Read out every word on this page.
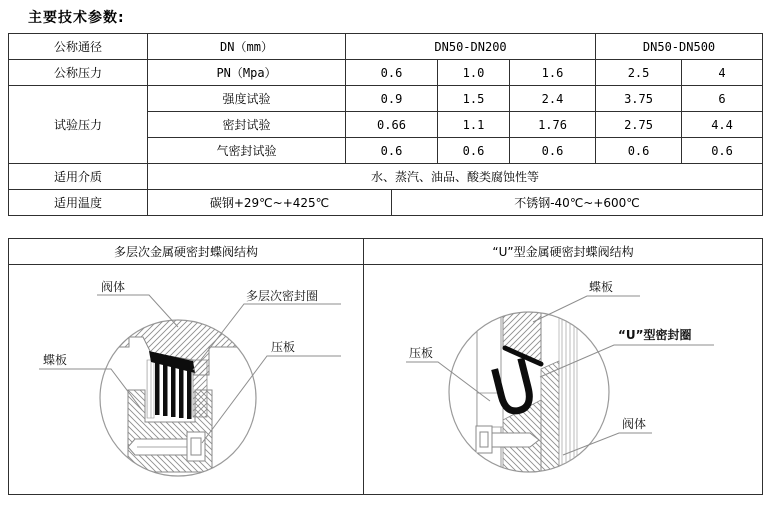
主要技术参数:
公称通径	DN（mm）	DN50-DN200			DN50-DN500	
公称压力	PN（Mpa）	0.6	1.0	1.6	2.5	4
试验压力	强度试验	0.9	1.5	2.4	3.75	6
	密封试验	0.66	1.1	1.76	2.75	4.4
	气密封试验	0.6	0.6	0.6	0.6	0.6
适用介质	水、蒸汽、油品、酸类腐蚀性等					
适用温度	碳钢+29℃~+425℃ 不锈钢-40℃~+600℃					
多层次金属硬密封蝶阀结构	“U”型金属硬密封蝶阀结构
阀体
多层次密封圈
蝶板
压板
蝶板
“U”型密封圈
压板
阀体
